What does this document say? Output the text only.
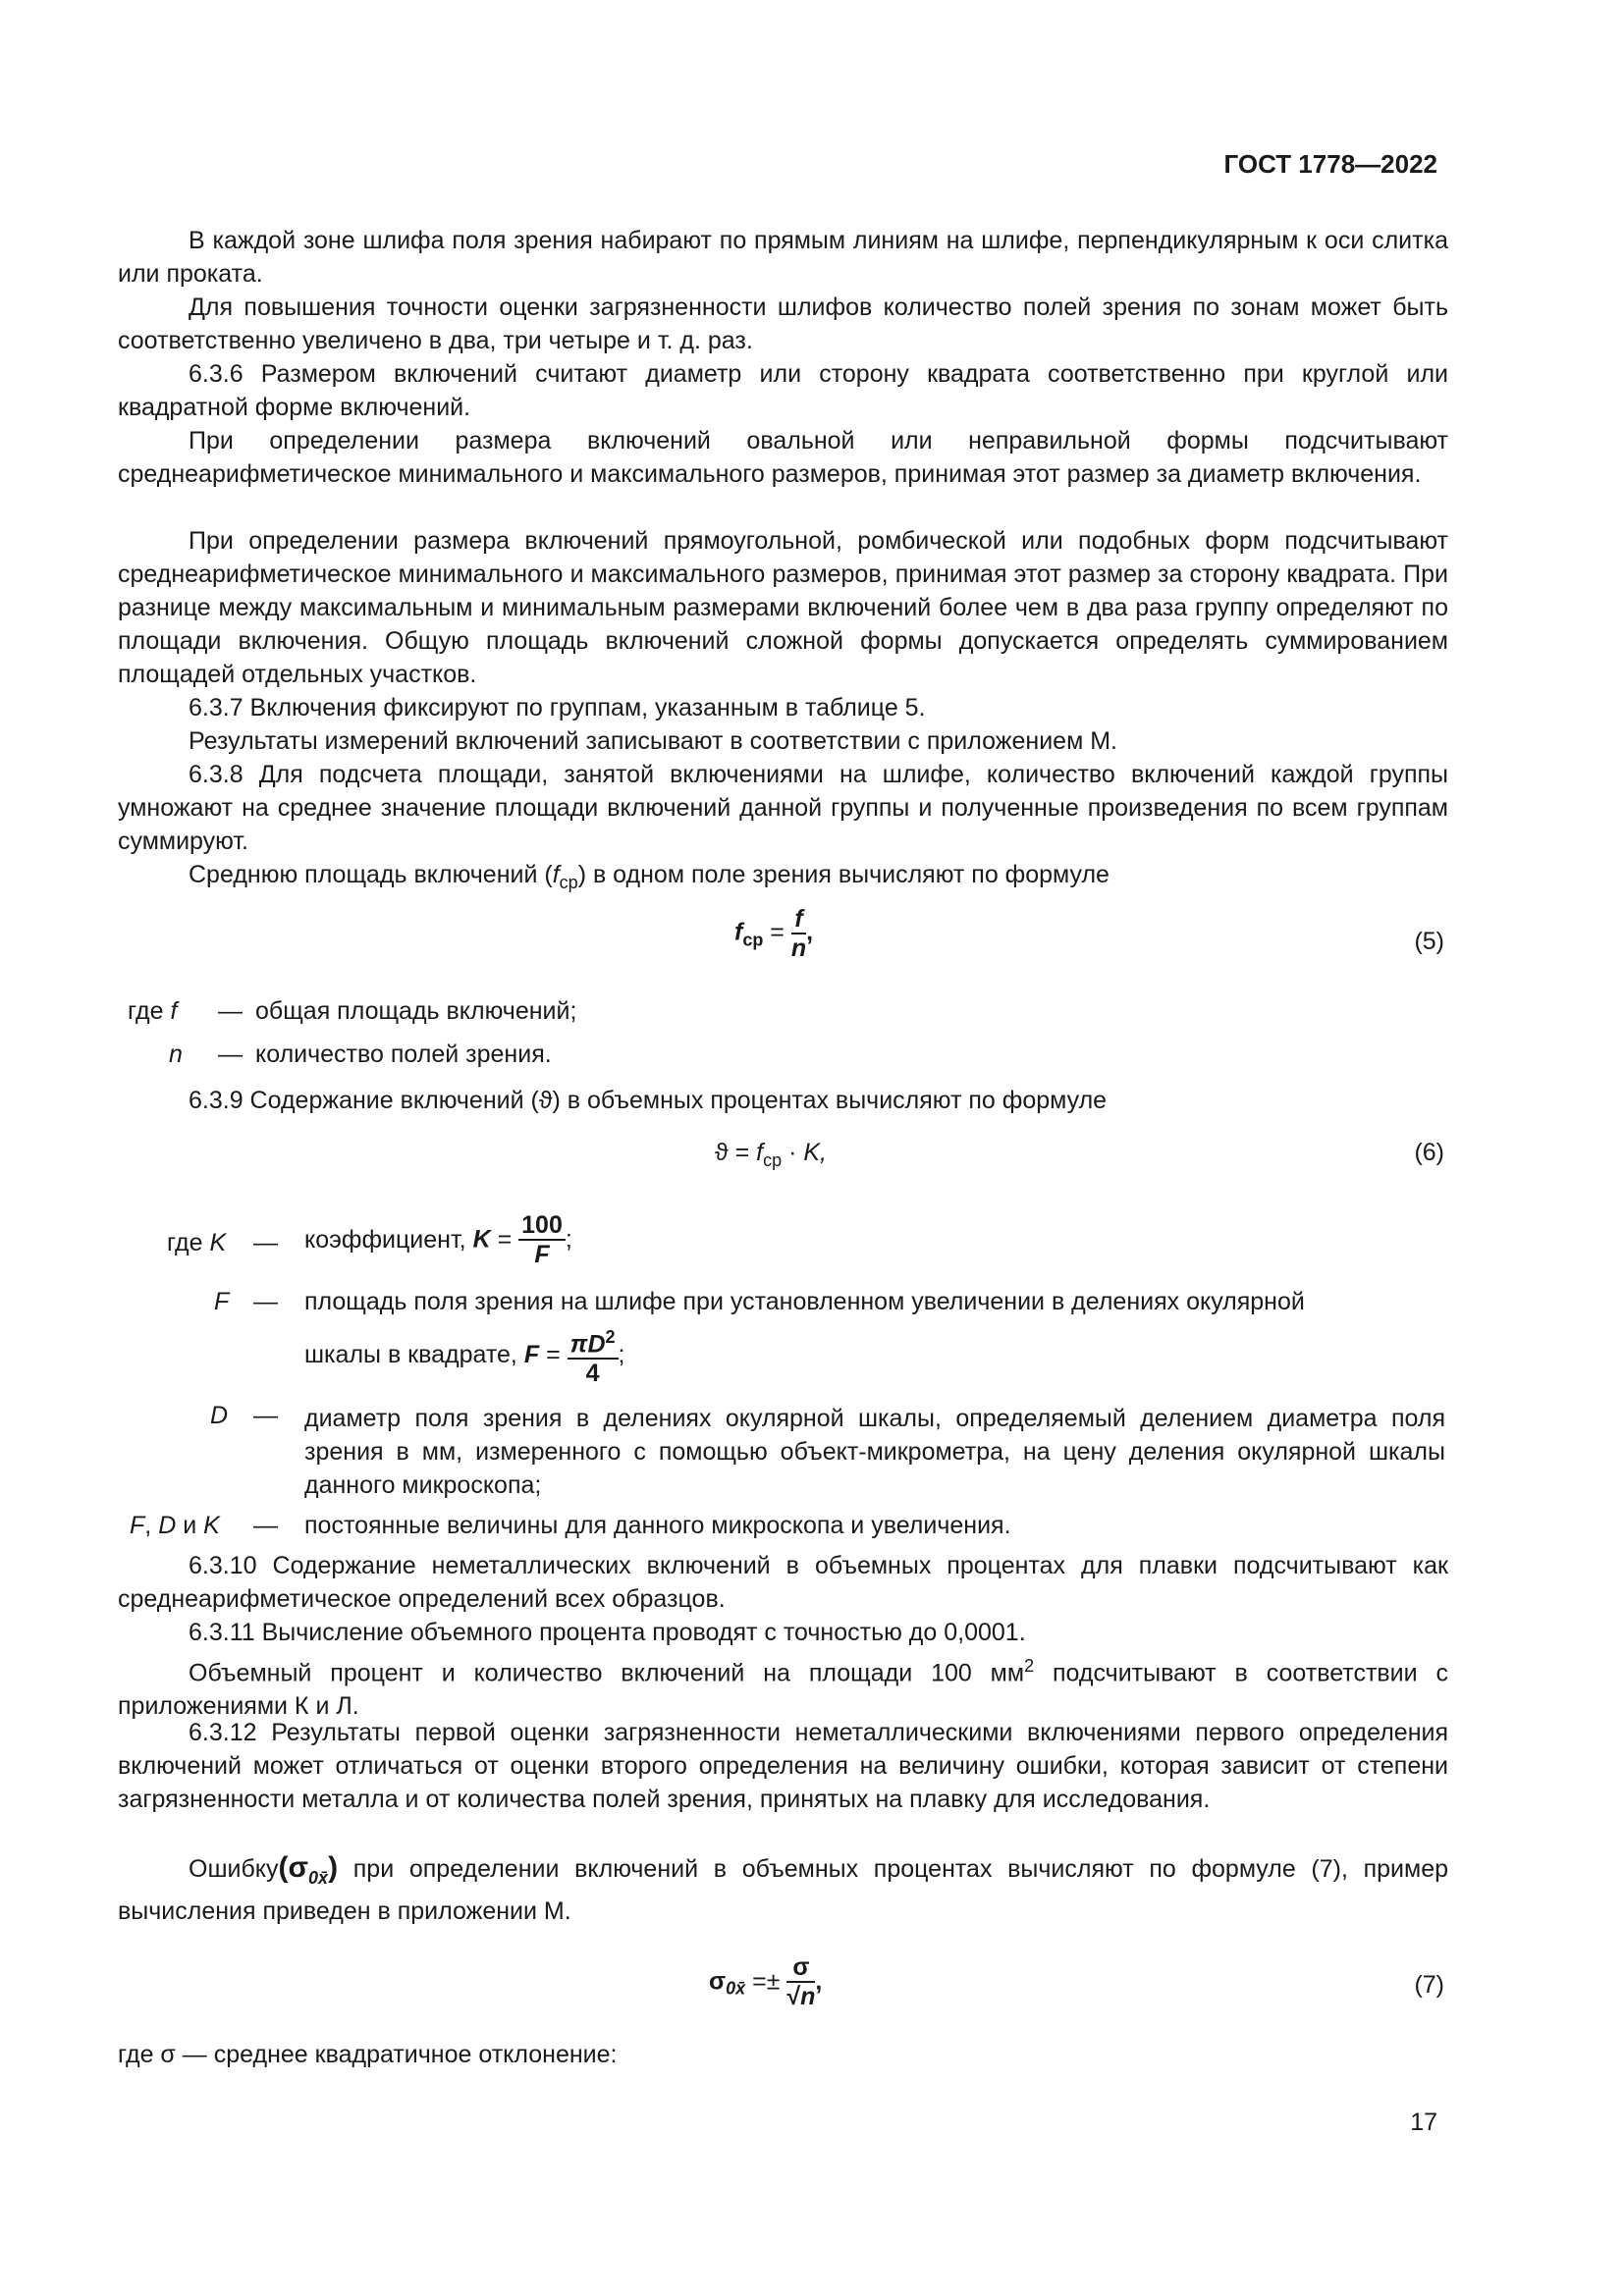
ГОСТ 1778—2022
В каждой зоне шлифа поля зрения набирают по прямым линиям на шлифе, перпендикулярным к оси слитка или проката.
Для повышения точности оценки загрязненности шлифов количество полей зрения по зонам может быть соответственно увеличено в два, три четыре и т. д. раз.
6.3.6 Размером включений считают диаметр или сторону квадрата соответственно при круглой или квадратной форме включений.
При определении размера включений овальной или неправильной формы подсчитывают среднеарифметическое минимального и максимального размеров, принимая этот размер за диаметр включения.
При определении размера включений прямоугольной, ромбической или подобных форм подсчитывают среднеарифметическое минимального и максимального размеров, принимая этот размер за сторону квадрата. При разнице между максимальным и минимальным размерами включений более чем в два раза группу определяют по площади включения. Общую площадь включений сложной формы допускается определять суммированием площадей отдельных участков.
6.3.7 Включения фиксируют по группам, указанным в таблице 5.
Результаты измерений включений записывают в соответствии с приложением М.
6.3.8 Для подсчета площади, занятой включениями на шлифе, количество включений каждой группы умножают на среднее значение площади включений данной группы и полученные произведения по всем группам суммируют.
Среднюю площадь включений $(f_{ср})$ в одном поле зрения вычисляют по формуле
$f_{ср} = \frac{f}{n}$ ,	(5)
где f — общая площадь включений;
n — количество полей зрения.
6.3.9 Содержание включений (ϑ) в объемных процентах вычисляют по формуле
$ϑ = f_{ср} \cdot K$,	(6)
где K — коэффициент, $K = \frac{100}{F}$ ;
F — площадь поля зрения на шлифе при установленном увеличении в делениях окулярной
шкалы в квадрате, $F = \frac{\pi D^2}{4}$ ;
D — диаметр поля зрения в делениях окулярной шкалы, определяемый делением диаметра поля зрения в мм, измеренного с помощью объект-микрометра, на цену деления окулярной шкалы данного микроскопа;
F, D и K — постоянные величины для данного микроскопа и увеличения.
6.3.10 Содержание неметаллических включений в объемных процентах для плавки подсчитывают как среднеарифметическое определений всех образцов.
6.3.11 Вычисление объемного процента проводят с точностью до 0,0001.
Объемный процент и количество включений на площади 100 $мм^2$ подсчитывают в соответствии с приложениями К и Л.
6.3.12 Результаты первой оценки загрязненности неметаллическими включениями первого определения включений может отличаться от оценки второго определения на величину ошибки, которая зависит от степени загрязненности металла и от количества полей зрения, принятых на плавку для исследования.
$Ошибку(\sigma_{0x̄})$ при определении включений в объемных процентах вычисляют по формуле (7), пример вычисления приведен в приложении М.
$\sigma_{0x̄} =\pm \frac{\sigma}{√n}$ ,	(7)
где σ — среднее квадратичное отклонение:
17
